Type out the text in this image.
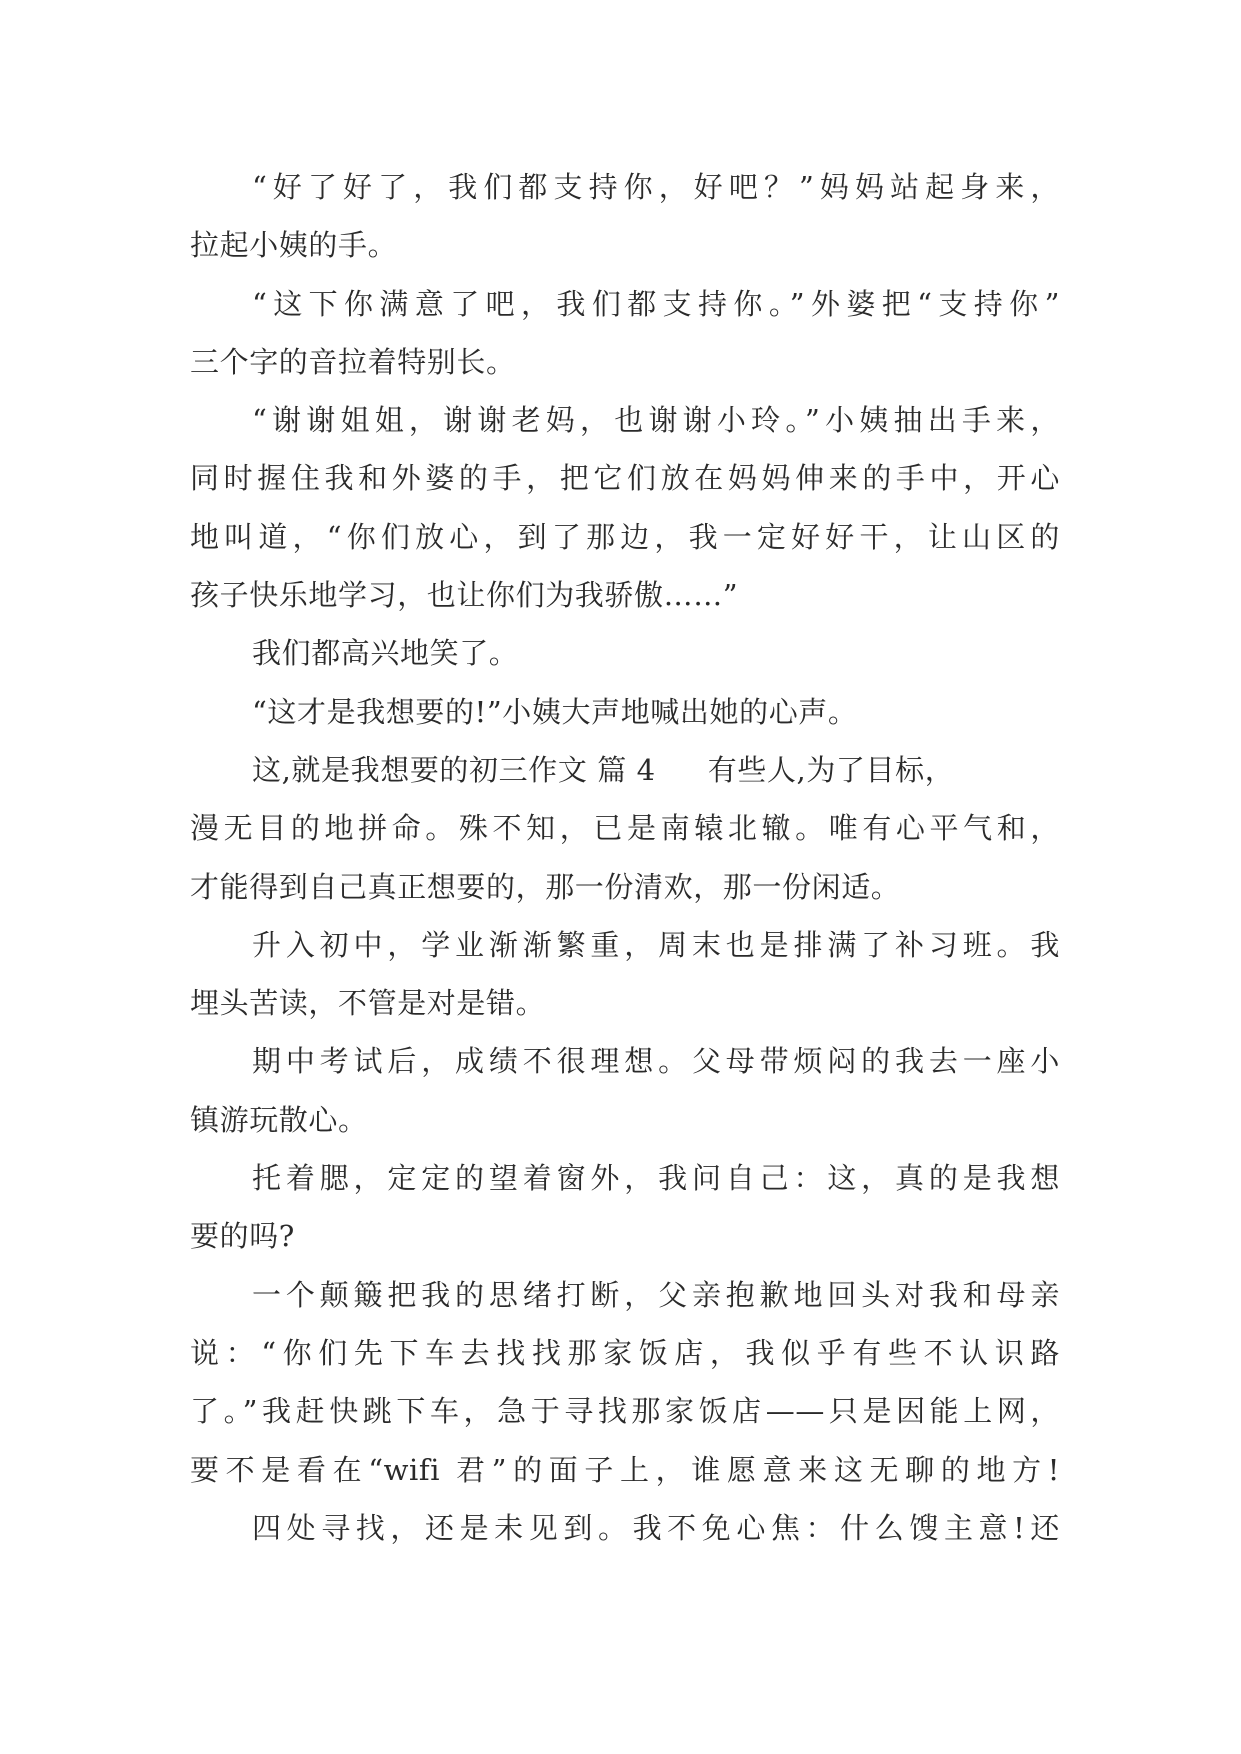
“好了好了，我们都支持你，好吧？”妈妈站起身来，
拉起小姨的手。
“这下你满意了吧，我们都支持你。”外婆把“支持你”
三个字的音拉着特别长。
“谢谢姐姐，谢谢老妈，也谢谢小玲。”小姨抽出手来，
同时握住我和外婆的手，把它们放在妈妈伸来的手中，开心
地叫道，“你们放心，到了那边，我一定好好干，让山区的
孩子快乐地学习，也让你们为我骄傲……”
我们都高兴地笑了。
“这才是我想要的!”小姨大声地喊出她的心声。
这,就是我想要的初三作文 篇 4 有些人,为了目标，
漫无目的地拼命。殊不知，已是南辕北辙。唯有心平气和，
才能得到自己真正想要的，那一份清欢，那一份闲适。
升入初中，学业渐渐繁重，周末也是排满了补习班。我
埋头苦读，不管是对是错。
期中考试后，成绩不很理想。父母带烦闷的我去一座小
镇游玩散心。
托着腮，定定的望着窗外，我问自己：这，真的是我想
要的吗?
一个颠簸把我的思绪打断，父亲抱歉地回头对我和母亲
说：“你们先下车去找找那家饭店，我似乎有些不认识路
了。”我赶快跳下车，急于寻找那家饭店——只是因能上网，
要不是看在“wifi 君”的面子上，谁愿意来这无聊的地方!
四处寻找，还是未见到。我不免心焦：什么馊主意!还
